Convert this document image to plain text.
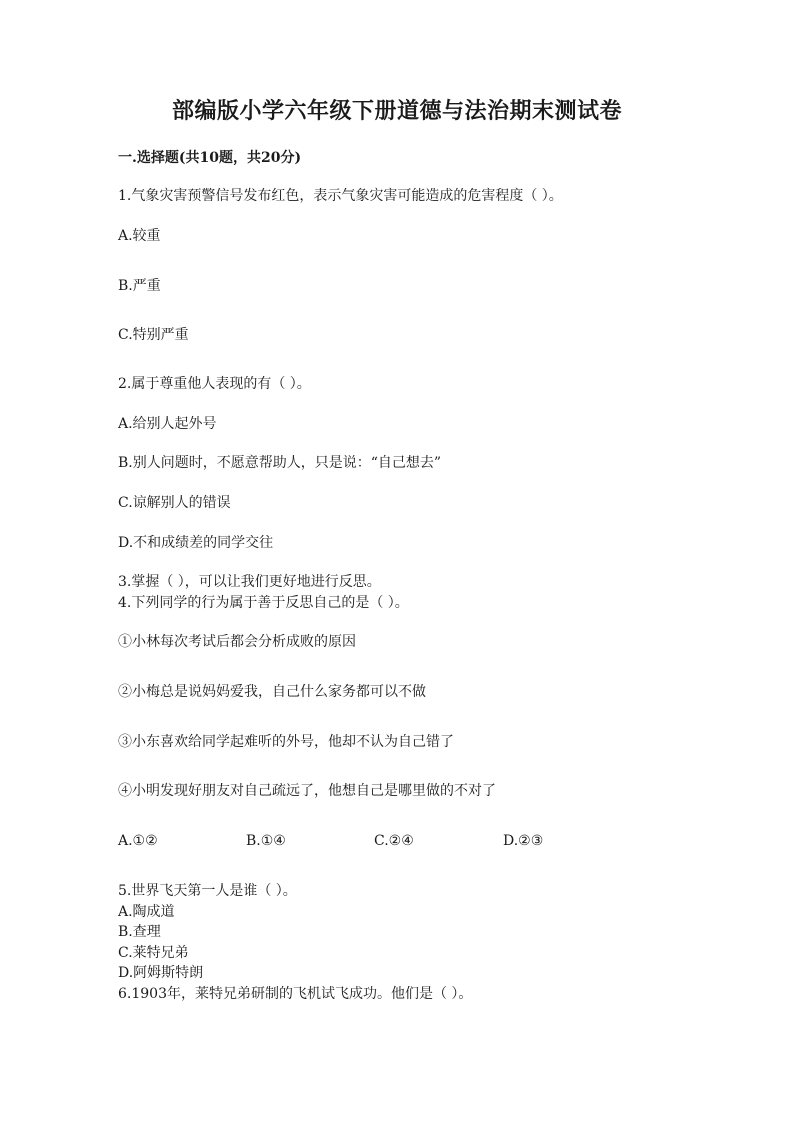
部编版小学六年级下册道德与法治期末测试卷
一.选择题(共10题，共20分)
1.气象灾害预警信号发布红色，表示气象灾害可能造成的危害程度（ ）。
A.较重
B.严重
C.特别严重
2.属于尊重他人表现的有（ ）。
A.给别人起外号
B.别人问题时，不愿意帮助人，只是说：“自己想去”
C.谅解别人的错误
D.不和成绩差的同学交往
3.掌握（ ），可以让我们更好地进行反思。
4.下列同学的行为属于善于反思自己的是（ ）。
①小林每次考试后都会分析成败的原因
②小梅总是说妈妈爱我，自己什么家务都可以不做
③小东喜欢给同学起难听的外号，他却不认为自己错了
④小明发现好朋友对自己疏远了，他想自己是哪里做的不对了
A.①②	B.①④	C.②④	D.②③
5.世界飞天第一人是谁（ ）。
A.陶成道
B.查理
C.莱特兄弟
D.阿姆斯特朗
6.1903年，莱特兄弟研制的飞机试飞成功。他们是（ ）。
